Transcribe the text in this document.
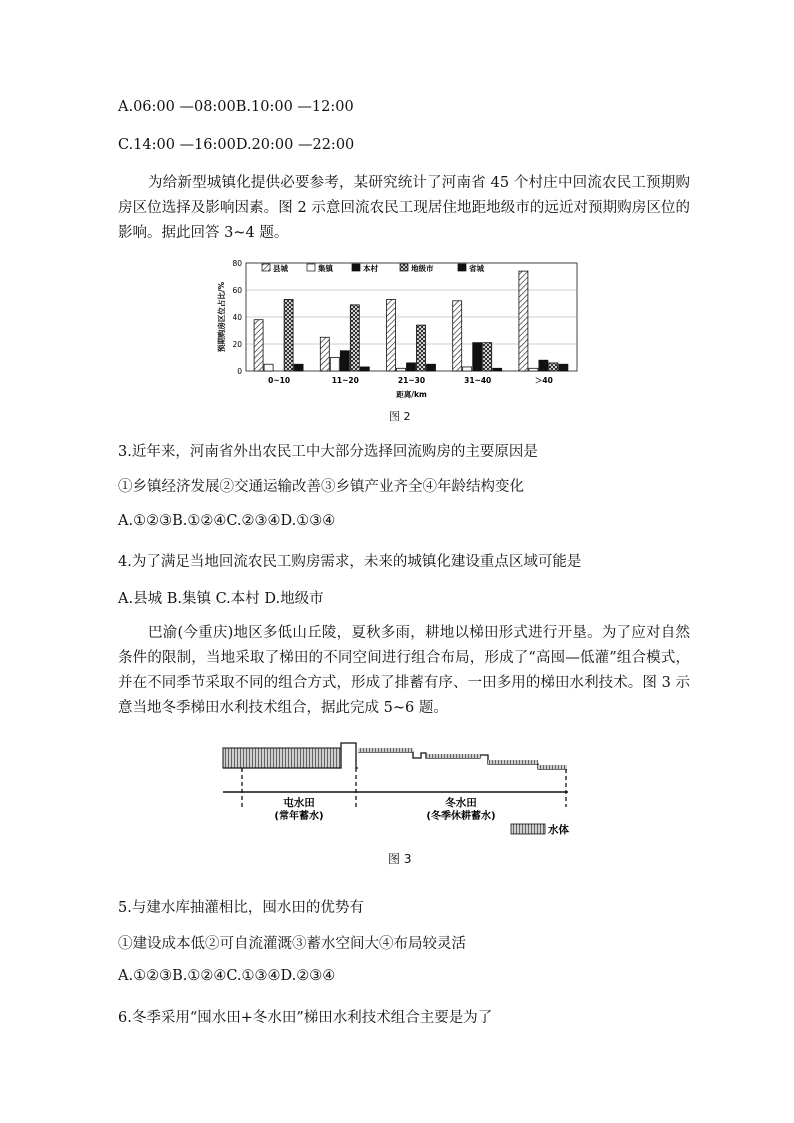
A.06:00 —08:00B.10:00 —12:00
C.14:00 —16:00D.20:00 —22:00
为给新型城镇化提供必要参考，某研究统计了河南省 45 个村庄中回流农民工预期购房区位选择及影响因素。图 2 示意回流农民工现居住地距地级市的远近对预期购房区位的影响。据此回答 3~4 题。
0
20
40
60
80
预期购房区位占比/%
0~10	11~20	21~30	31~40	＞40
距离/km
县城	集镇	本村	地级市	省城
图 2
3.近年来，河南省外出农民工中大部分选择回流购房的主要原因是
①乡镇经济发展②交通运输改善③乡镇产业齐全④年龄结构变化
A.①②③B.①②④C.②③④D.①③④
4.为了满足当地回流农民工购房需求，未来的城镇化建设重点区域可能是
A.县城 B.集镇 C.本村 D.地级市
巴渝(今重庆)地区多低山丘陵，夏秋多雨，耕地以梯田形式进行开垦。为了应对自然条件的限制，当地采取了梯田的不同空间进行组合布局，形成了“高囤—低灌”组合模式，并在不同季节采取不同的组合方式，形成了排蓄有序、一田多用的梯田水利技术。图 3 示意当地冬季梯田水利技术组合，据此完成 5~6 题。
屯水田
(常年蓄水)
冬水田
(冬季休耕蓄水)
水体
图 3
5.与建水库抽灌相比，囤水田的优势有
①建设成本低②可自流灌溉③蓄水空间大④布局较灵活
A.①②③B.①②④C.①③④D.②③④
6.冬季采用“囤水田+冬水田”梯田水利技术组合主要是为了
